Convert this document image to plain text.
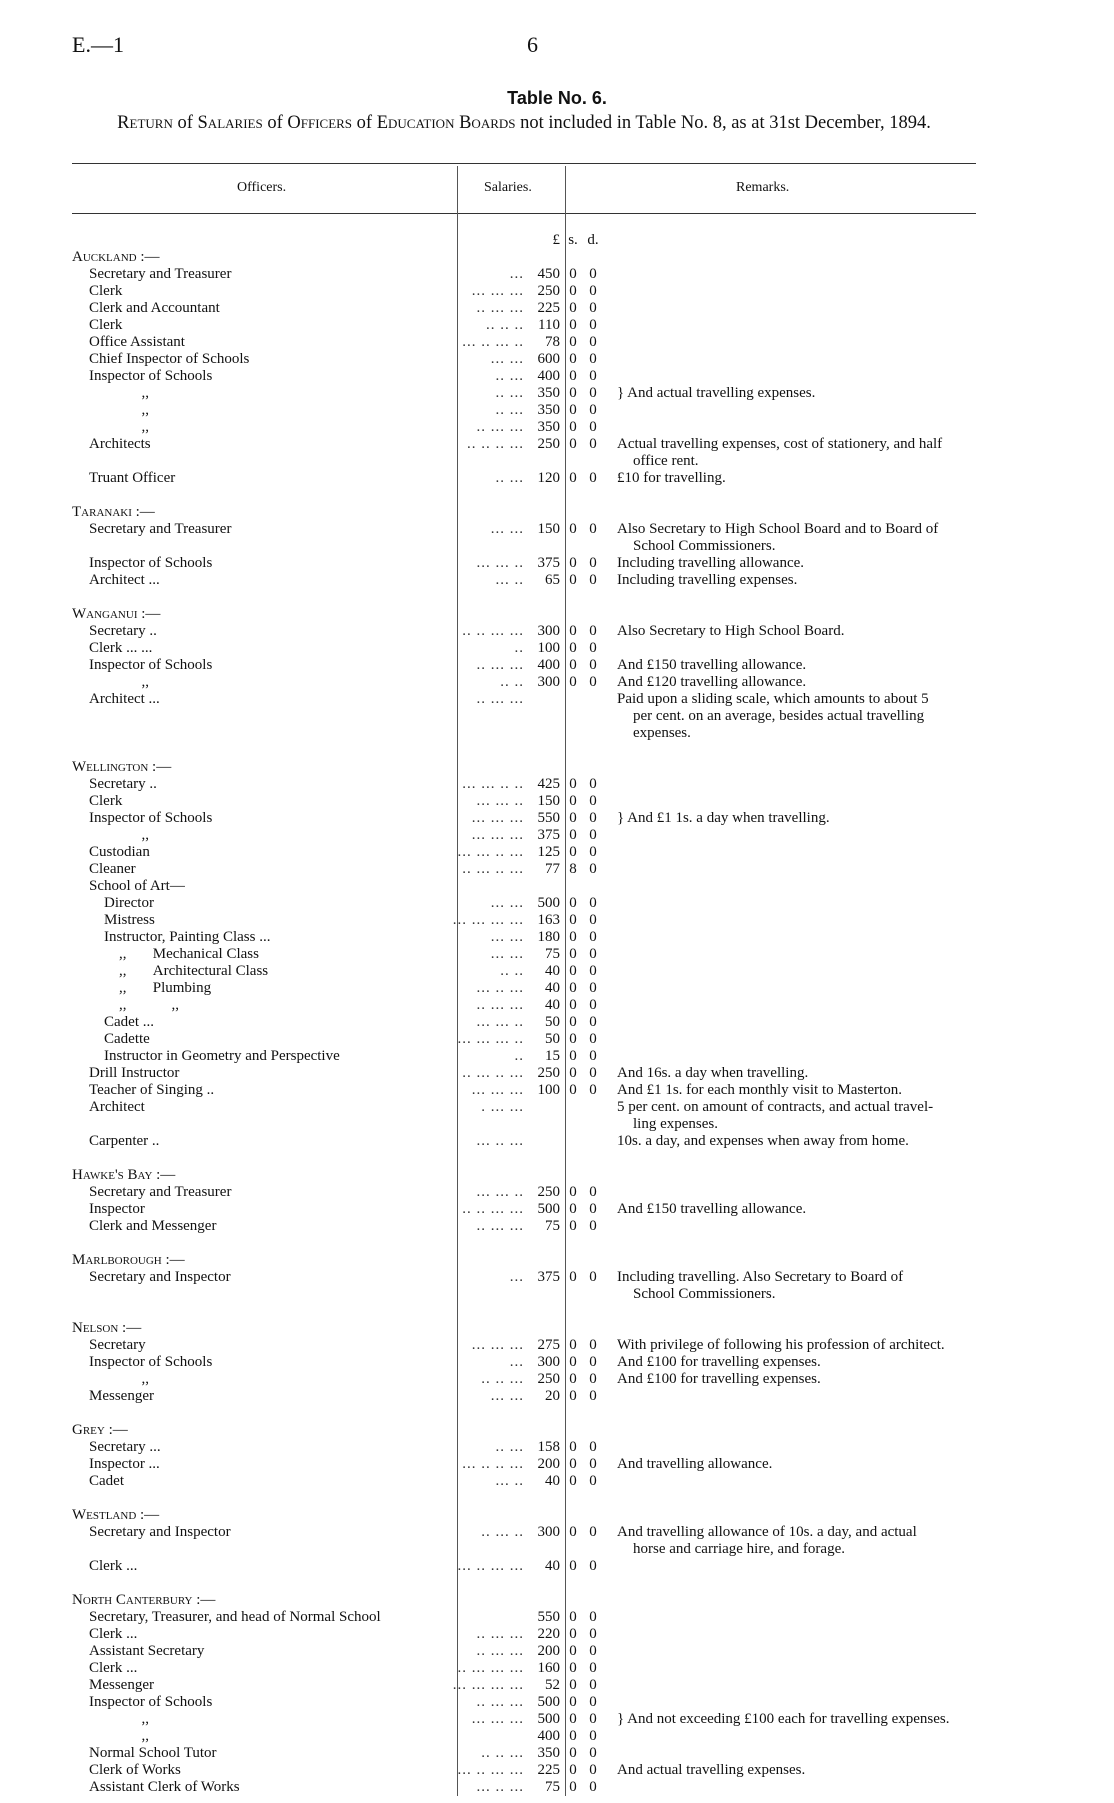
E.—1	6
Table No. 6.
Return of Salaries of Officers of Education Boards not included in Table No. 8, as at 31st December, 1894.
Officers.	Salaries.	Remarks.
		£	s.	d.	
Auckland :—					
Secretary and Treasurer	...	450	0	0	
Clerk	... ... ...	250	0	0	
Clerk and Accountant	.. ... ...	225	0	0	
Clerk	.. .. ..	110	0	0	
Office Assistant	... .. ... ..	78	0	0	
Chief Inspector of Schools	... ...	600	0	0	
Inspector of Schools	.. ...	400	0	0	
,,	.. ...	350	0	0	} And actual travelling expenses.

,,	.. ...	350	0	0	
,,	.. ... ...	350	0	0	
Architects	.. .. .. ...	250	0	0	Actual travelling expenses, cost of stationery, and half
office rent.

Truant Officer	.. ...	120	0	0	£10 for travelling.

Taranaki :—					
Secretary and Treasurer	... ...	150	0	0	Also Secretary to High School Board and to Board of
School Commissioners.

Inspector of Schools	... ... ..	375	0	0	Including travelling allowance.

Architect ...	... ..	65	0	0	Including travelling expenses.

Wanganui :—					
Secretary ..	.. .. ... ...	300	0	0	Also Secretary to High School Board.

Clerk ... ...	..	100	0	0	
Inspector of Schools	.. ... ...	400	0	0	And £150 travelling allowance.

,,	.. ..	300	0	0	And £120 travelling allowance.

Architect ...	.. ... ...				Paid upon a sliding scale, which amounts to about 5
per cent. on an average, besides actual travelling
expenses.

Wellington :—					
Secretary ..	... ... .. ..	425	0	0	
Clerk	... ... ..	150	0	0	
Inspector of Schools	... ... ...	550	0	0	} And £1 1s. a day when travelling.

,,	... ... ...	375	0	0	
Custodian	... ... .. ...	125	0	0	
Cleaner	.. ... .. ...	77	8	0	
School of Art—					
Director	... ...	500	0	0	
Mistress	... ... ... ...	163	0	0	
Instructor, Painting Class ...	... ...	180	0	0	
,,       Mechanical Class	... ...	75	0	0	
,,       Architectural Class	.. ..	40	0	0	
,,       Plumbing	... .. ...	40	0	0	
,,            ,,	.. ... ...	40	0	0	
Cadet ...	... ... ..	50	0	0	
Cadette	... ... ... ..	50	0	0	
Instructor in Geometry and Perspective	..	15	0	0	
Drill Instructor	.. ... .. ...	250	0	0	And 16s. a day when travelling.

Teacher of Singing ..	... ... ...	100	0	0	And £1 1s. for each monthly visit to Masterton.

Architect	. ... ...				5 per cent. on amount of contracts, and actual travel-
ling expenses.

Carpenter ..	... .. ...				10s. a day, and expenses when away from home.

Hawke's Bay :—					
Secretary and Treasurer	... ... ..	250	0	0	
Inspector	.. .. ... ...	500	0	0	And £150 travelling allowance.

Clerk and Messenger	.. ... ...	75	0	0	

Marlborough :—					
Secretary and Inspector	...	375	0	0	Including travelling. Also Secretary to Board of
School Commissioners.

Nelson :—					
Secretary	... ... ...	275	0	0	With privilege of following his profession of architect.

Inspector of Schools	...	300	0	0	And £100 for travelling expenses.

,,	.. .. ...	250	0	0	And £100 for travelling expenses.

Messenger	... ...	20	0	0	

Grey :—					
Secretary ...	.. ...	158	0	0	
Inspector ...	... .. .. ...	200	0	0	And travelling allowance.

Cadet	... ..	40	0	0	

Westland :—					
Secretary and Inspector	.. ... ..	300	0	0	And travelling allowance of 10s. a day, and actual
horse and carriage hire, and forage.

Clerk ...	... .. ... ...	40	0	0	

North Canterbury :—					
Secretary, Treasurer, and head of Normal School		550	0	0	
Clerk ...	.. ... ...	220	0	0	
Assistant Secretary	.. ... ...	200	0	0	
Clerk ...	.. ... ... ...	160	0	0	
Messenger	... ... ... ...	52	0	0	
Inspector of Schools	.. ... ...	500	0	0	
,,	... ... ...	500	0	0	} And not exceeding £100 each for travelling expenses.

,,		400	0	0	
Normal School Tutor	.. .. ...	350	0	0	
Clerk of Works	... .. ... ...	225	0	0	And actual travelling expenses.

Assistant Clerk of Works	... .. ...	75	0	0	
